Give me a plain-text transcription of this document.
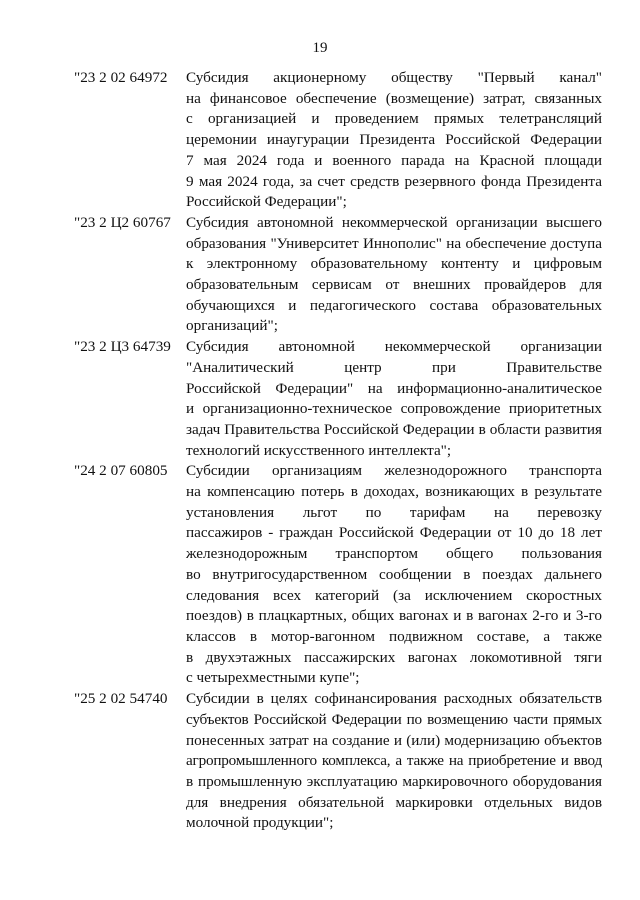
19
"23 2 02 64972	Субсидия акционерному обществу "Первый канал"
на финансовое обеспечение (возмещение) затрат, связанных
с организацией и проведением прямых телетрансляций
церемонии инаугурации Президента Российской Федерации
7 мая 2024 года и военного парада на Красной площади
9 мая 2024 года, за счет средств резервного фонда Президента
Российской Федерации";
"23 2 Ц2 60767 Субсидия автономной некоммерческой организации высшего
образования "Университет Иннополис" на обеспечение доступа
к электронному образовательному контенту и цифровым
образовательным сервисам от внешних провайдеров для
обучающихся и педагогического состава образовательных
организаций";
"23 2 Ц3 64739 Субсидия автономной некоммерческой организации
"Аналитический центр при Правительстве
Российской Федерации" на информационно-аналитическое
и организационно-техническое сопровождение приоритетных
задач Правительства Российской Федерации в области развития
технологий искусственного интеллекта";
"24 2 07 60805	Субсидии организациям железнодорожного транспорта
на компенсацию потерь в доходах, возникающих в результате
установления льгот по тарифам на перевозку
пассажиров - граждан Российской Федерации от 10 до 18 лет
железнодорожным транспортом общего пользования
во внутригосударственном сообщении в поездах дальнего
следования всех категорий (за исключением скоростных
поездов) в плацкартных, общих вагонах и в вагонах 2-го и 3-го
классов в мотор-вагонном подвижном составе, а также
в двухэтажных пассажирских вагонах локомотивной тяги
с четырехместными купе";
"25 2 02 54740	Субсидии в целях софинансирования расходных обязательств
субъектов Российской Федерации по возмещению части прямых
понесенных затрат на создание и (или) модернизацию объектов
агропромышленного комплекса, а также на приобретение и ввод
в промышленную эксплуатацию маркировочного оборудования
для внедрения обязательной маркировки отдельных видов
молочной продукции";
